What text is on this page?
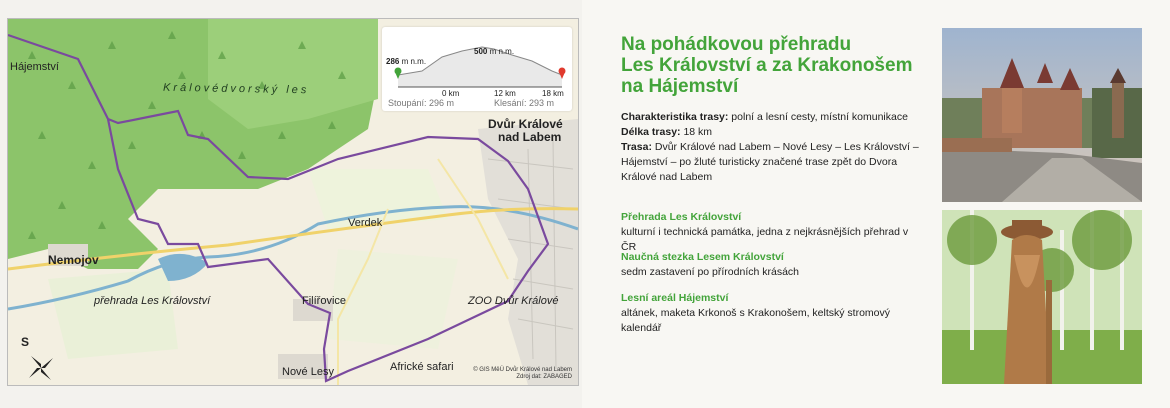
Hájemství
Královédvorský les
Dvůr Králové
nad Labem
Verdek
Nemojov
přehrada Les Království	Filířovice	ZOO Dvůr Králové
Nové Lesy	Africké safari
S
© GIS MěÚ Dvůr Králové nad Labem
Zdroj dat: ZABAGED
286 m n.m.
500 m n.m.
0 km	12 km	18 km
Stoupání: 296 m	Klesání: 293 m
Na pohádkovou přehradu
Les Království a za Krakonošem
na Hájemství
Charakteristika trasy: polní a lesní cesty, místní komunikace
Délka trasy: 18 km
Trasa: Dvůr Králové nad Labem – Nové Lesy – Les Království – Hájemství – po žluté turisticky značené trase zpět do Dvora Králové nad Labem
Přehrada Les Království
kulturní i technická památka, jedna z nejkrásnějších přehrad v ČR
Naučná stezka Lesem Království
sedm zastavení po přírodních krásách
Lesní areál Hájemství
altánek, maketa Krkonoš s Krakonošem, keltský stromový kalendář
